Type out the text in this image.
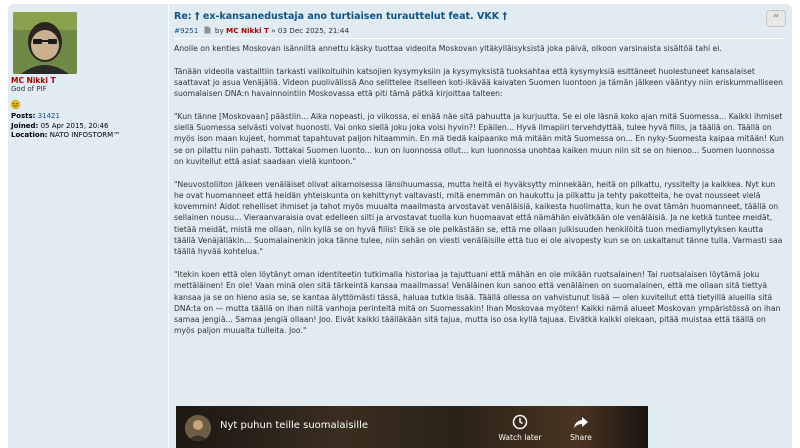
MC Nikki T
God of PIF
Posts: 31421
Joined: 05 Apr 2015, 20:46
Location: NATO INFOSTORM™
Re: † ex-kansanedustaja ano turtiaisen turauttelut feat. VKK †	“
#9251 by MC Nikki T » 03 Dec 2025, 21:44

Anolle on kenties Moskovan isänniltä annettu käsky tuottaa videoita Moskovan yltäkylläisyksistä joka päivä, olkoon varsinaista sisältöä tahi ei.

Tänään videolla vastailtiin tarkasti valikoituihin katsojien kysymyksiin ja kysymyksistä tuoksahtaa että kysymyksiä esittäneet huolestuneet kansalaiset saattavat jo asua Venäjällä. Videon puolivälissä Ano selittelee itselleen koti-ikävää kaivaten Suomen luontoon ja tämän jälkeen vääntyy niin eriskummalliseen suomalaisen DNA:n havainnointiin Moskovassa että piti tämä pätkä kirjoittaa talteen:

"Kun tänne [Moskovaan] päästiin... Aika nopeasti, jo viikossa, ei enää näe sitä pahuutta ja kurjuutta. Se ei ole läsnä koko ajan mitä Suomessa... Kaikki ihmiset siellä Suomessa selvästi voivat huonosti. Vai onko siellä joku joka voisi hyvin?! Epäilen... Hyvä ilmapiiri tervehdyttää, tulee hyvä fiilis, ja täällä on. Täällä on myös ison maan kujeet, hommat tapahtuvat paljon hitaammin. En mä tiedä kaipaanko mä mitään mitä Suomessa on... En nyky-Suomesta kaipaa mitään! Kun se on pilattu niin pahasti. Tottakai Suomen luonto... kun on luonnossa ollut... kun luonnossa unohtaa kaiken muun niin sit se on hienoo... Suomen luonnossa on kuvitellut että asiat saadaan vielä kuntoon."

"Neuvostoliiton jälkeen venäläiset olivat aikamoisessa länsihuumassa, mutta heitä ei hyväksytty minnekään, heitä on pilkattu, ryssitelty ja kaikkea. Nyt kun he ovat huomanneet että heidän yhteiskunta on kehittynyt valtavasti, mitä enemmän on haukuttu ja pilkattu ja tehty pakotteita, he ovat nousseet vielä kovemmin! Aidot rehelliset ihmiset ja tahot myös muualta maailmasta arvostavat venäläisiä, kaikesta huolimatta, kun he ovat tämän huomanneet, täällä on sellainen nousu... Vieraanvaraisia ovat edelleen silti ja arvostavat tuolla kun huomaavat että nämähän eivätkään ole venäläisiä. Ja ne ketkä tuntee meidät, tietää meidät, mistä me ollaan, niin kyllä se on hyvä fiilis! Eikä se ole pelkästään se, että me ollaan julkisuuden henkilöitä tuon mediamyllytyksen kautta täällä Venäjälläkin... Suomalainenkin joka tänne tulee, niin sehän on viesti venäläisille että tuo ei ole aivopesty kun se on uskaltanut tänne tulla. Varmasti saa täällä hyvää kohtelua."

"Itekin koen että olen löytänyt oman identiteetin tutkimalla historiaa ja tajuttuani että mähän en ole mikään ruotsalainen! Tai ruotsalaisen löytämä joku mettäläinen! En ole! Vaan minä olen sitä tärkeintä kansaa maailmassa! Venäläinen kun sanoo että venäläinen on suomalainen, että me ollaan sitä tiettyä kansaa ja se on hieno asia se, se kantaa älyttömästi tässä, haluaa tutkia lisää. Täällä ollessa on vahvistunut lisää — olen kuvitellut että tietyillä alueilla sitä DNA:ta on — mutta täällä on ihan niitä vanhoja perinteitä mitä on Suomessakin! Ihan Moskovaa myöten! Kaikki nämä alueet Moskovan ympäristössä on ihan samaa jengiä... Samaa jengiä ollaan! Joo. Eivät kaikki täälläkään sitä tajua, mutta iso osa kyllä tajuaa. Eivätkä kaikki olekaan, pitää muistaa että täällä on myös paljon muualta tulleita. Joo."

Nyt puhun teille suomalaisille
Watch later	Share
